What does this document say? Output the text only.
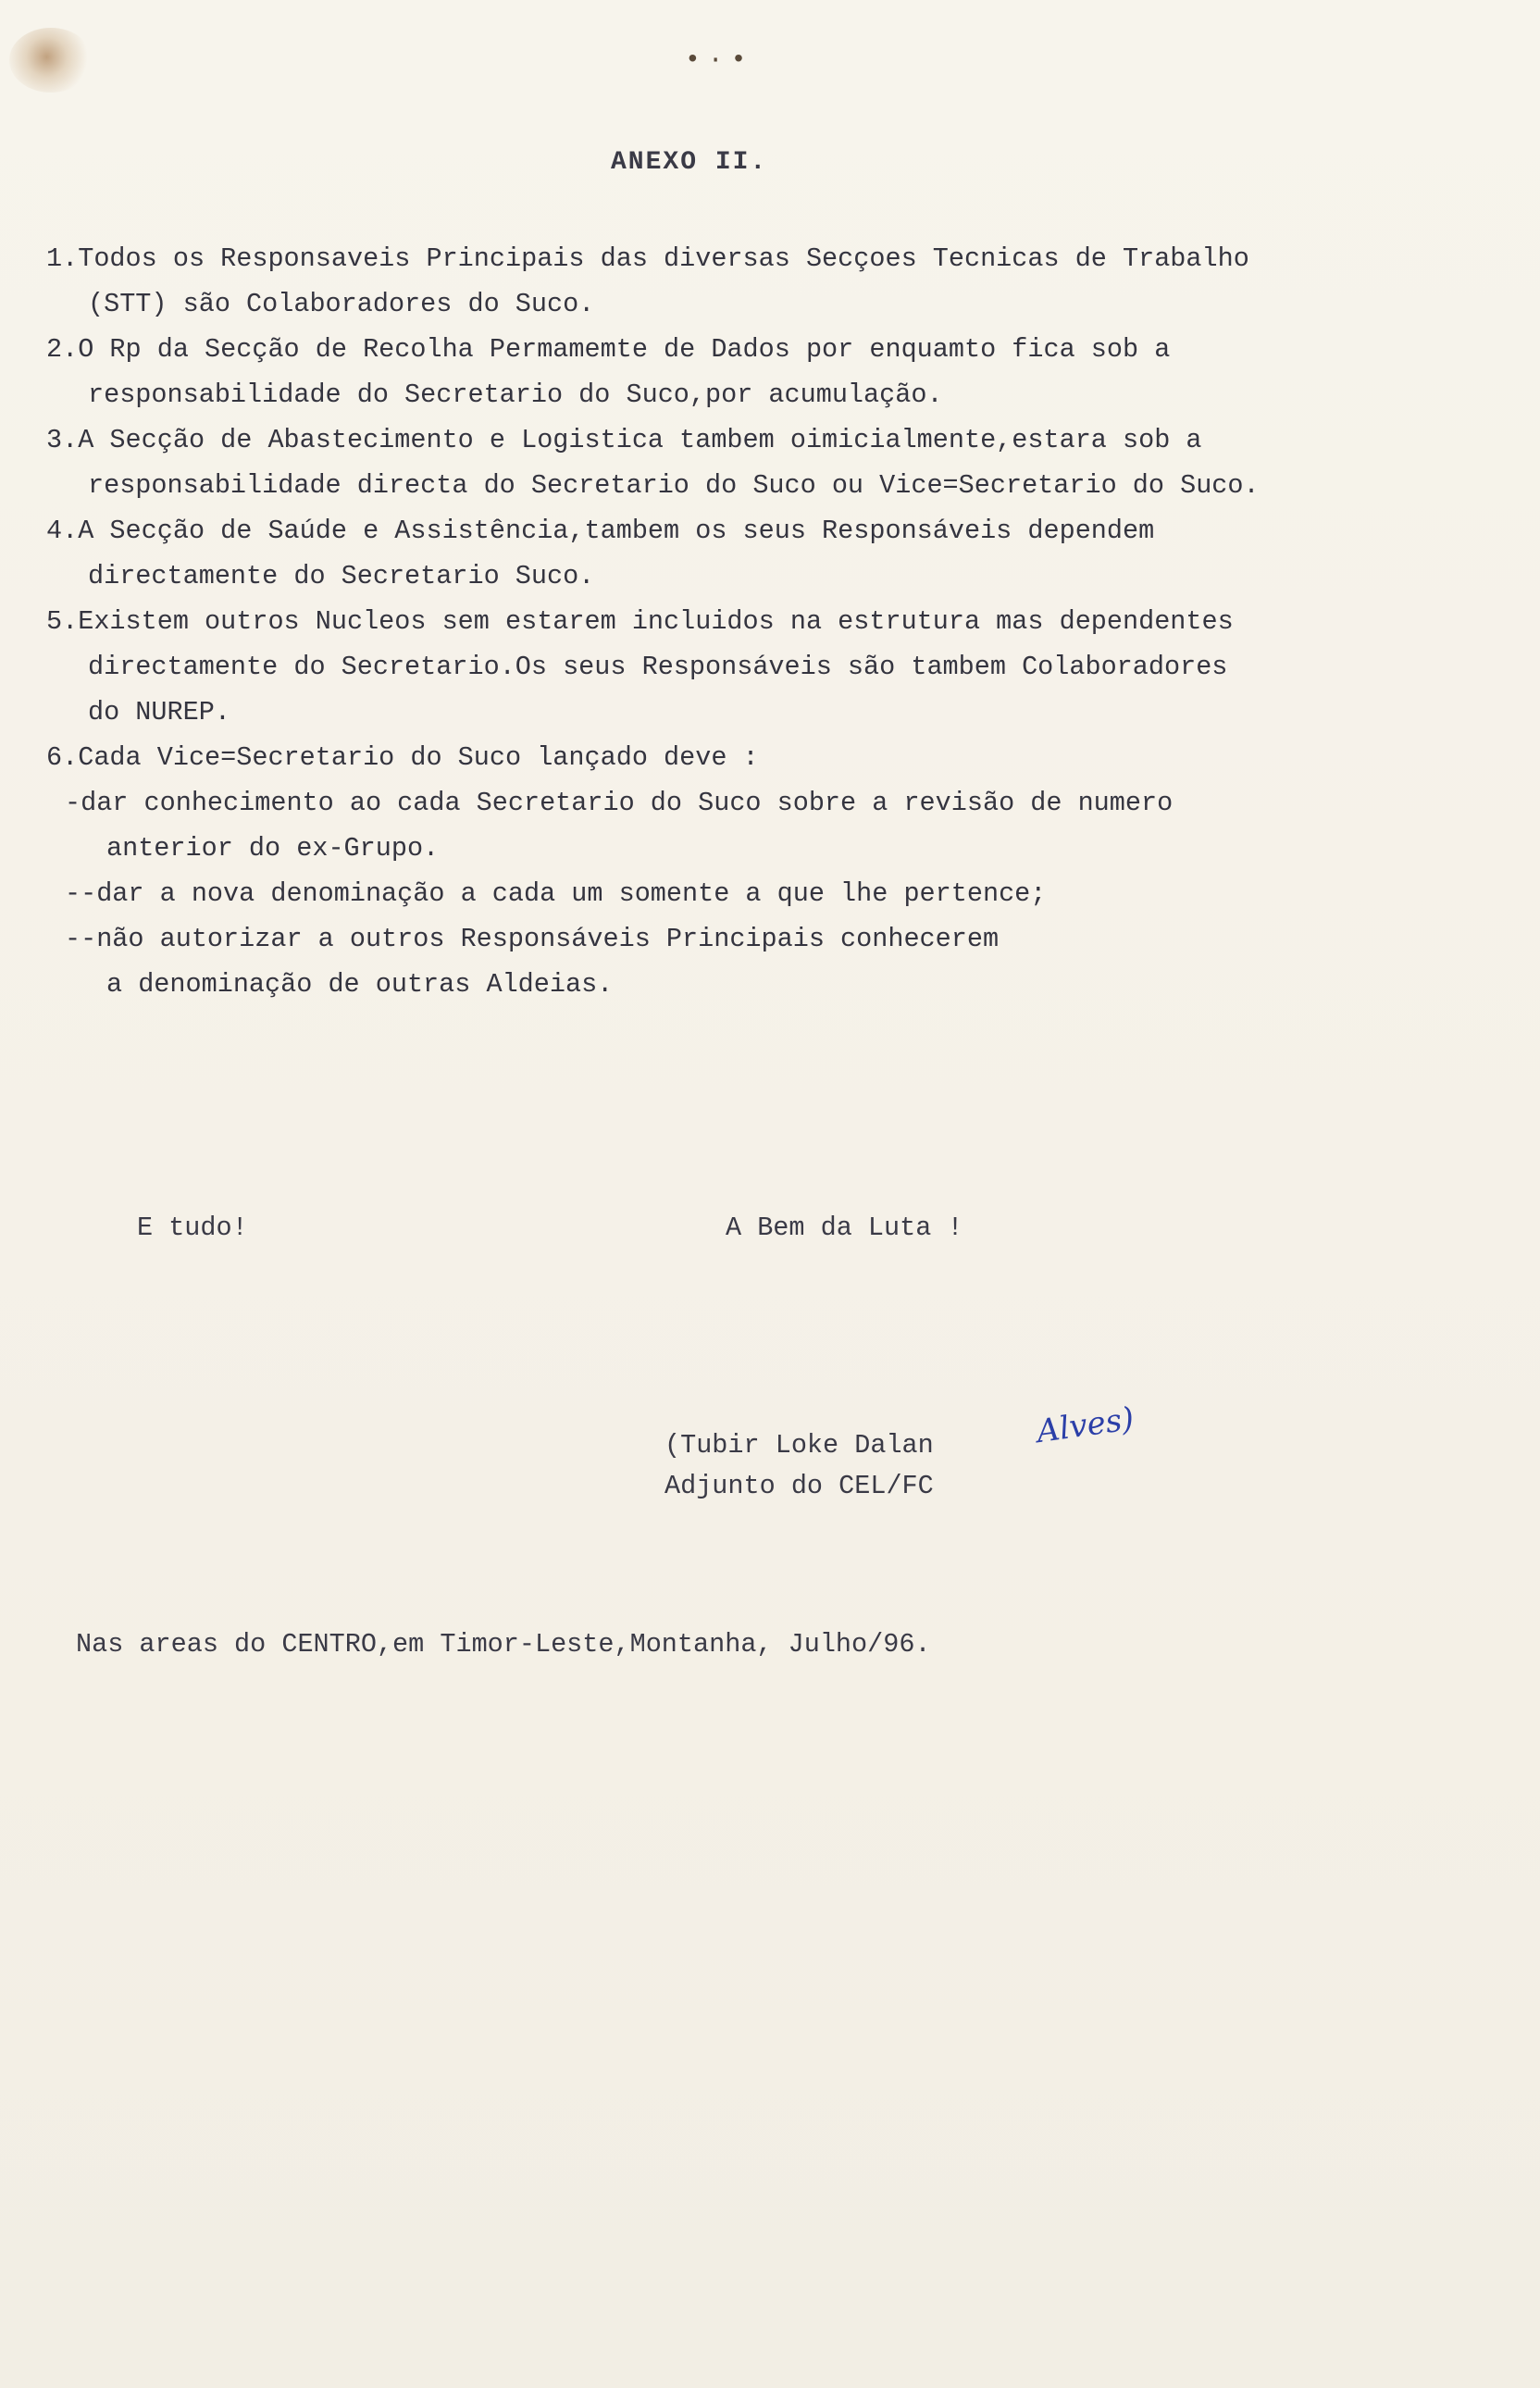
•·•
ANEXO II.
1.Todos os Responsaveis Principais das diversas Secçoes Tecnicas de Trabalho
(STT) são Colaboradores do Suco.
2.O Rp da Secção de Recolha Permamemte de Dados por enquamto fica sob a
responsabilidade do Secretario do Suco,por acumulação.
3.A Secção de Abastecimento e Logistica tambem oimicialmente,estara sob a
responsabilidade directa do Secretario do Suco ou Vice=Secretario do Suco.
4.A Secção de Saúde e Assistência,tambem os seus Responsáveis dependem
directamente do Secretario Suco.
5.Existem outros Nucleos sem estarem incluidos na estrutura mas dependentes
directamente do Secretario.Os seus Responsáveis são tambem Colaboradores
do NUREP.
6.Cada Vice=Secretario do Suco lançado deve :
-dar conhecimento ao cada Secretario do Suco sobre a revisão de numero
anterior do ex-Grupo.
--dar a nova denominação a cada um somente a que lhe pertence;
--não autorizar a outros Responsáveis Principais conhecerem
a denominação de outras Aldeias.
E tudo!	A Bem da Luta !
(Tubir Loke Dalan
Adjunto do CEL/FC
Alves)
Nas areas do CENTRO,em Timor-Leste,Montanha, Julho/96.
